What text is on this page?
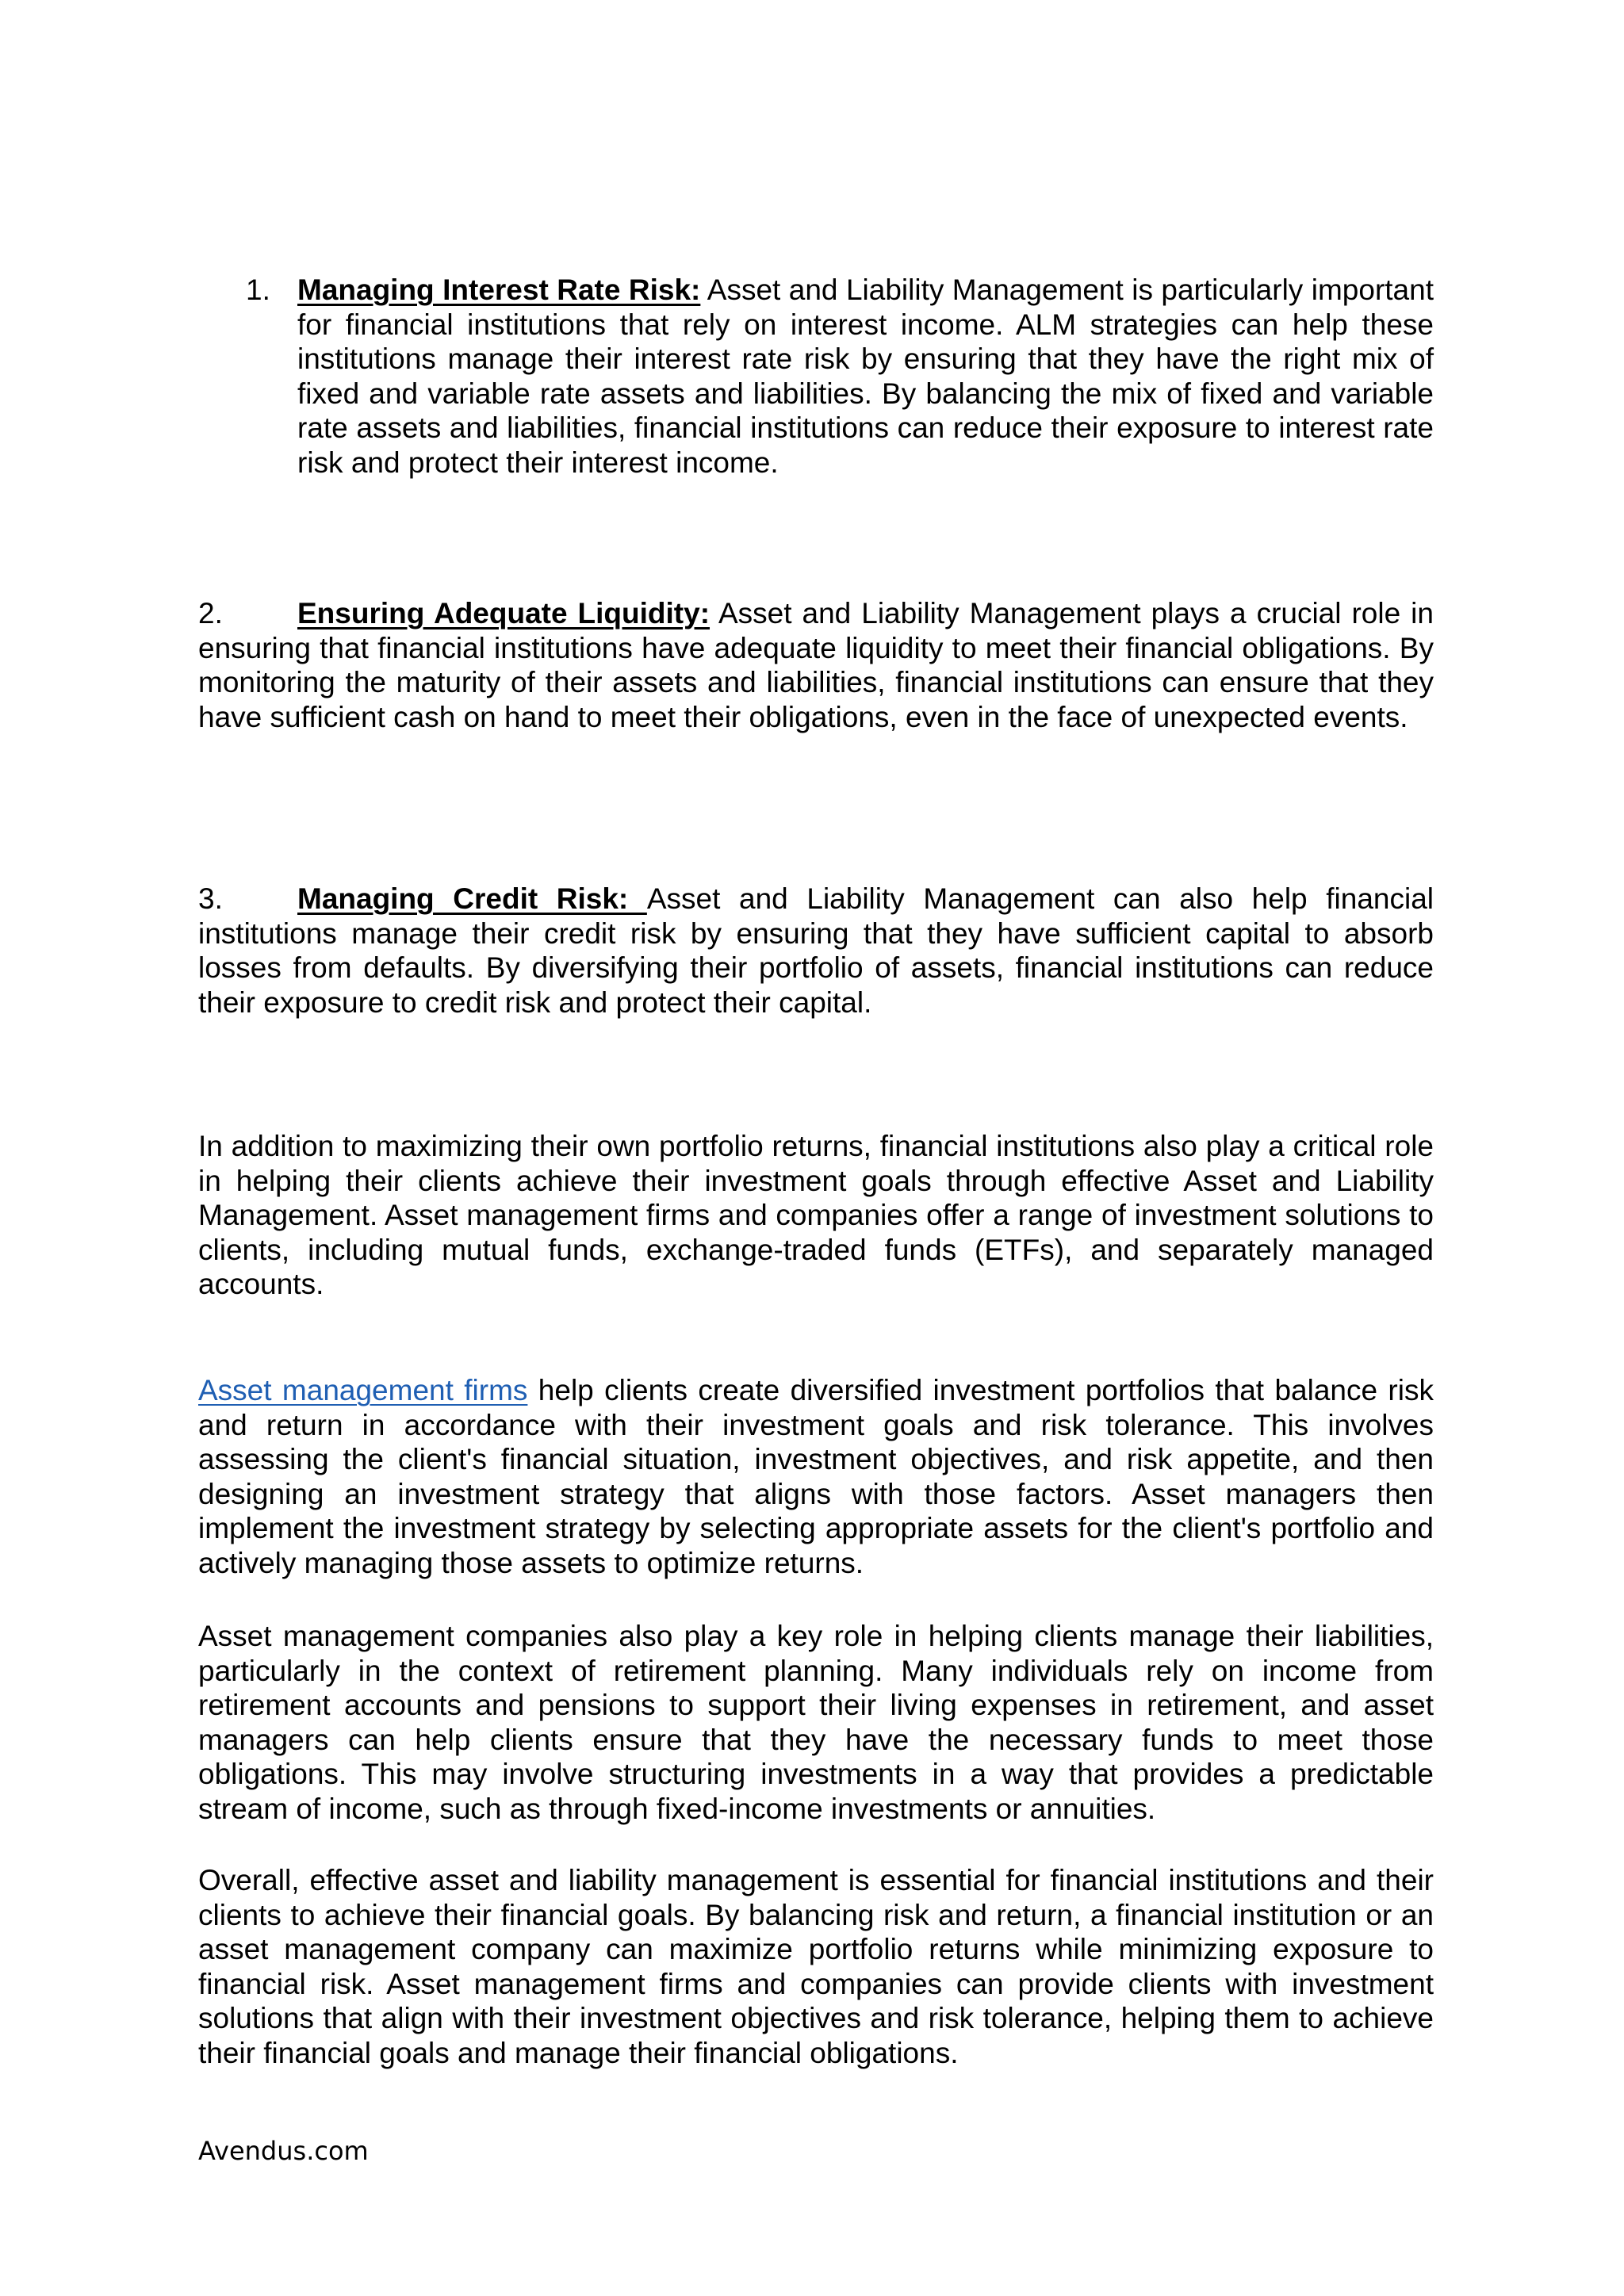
1. Managing Interest Rate Risk: Asset and Liability Management is particularly important for financial institutions that rely on interest income. ALM strategies can help these institutions manage their interest rate risk by ensuring that they have the right mix of fixed and variable rate assets and liabilities. By balancing the mix of fixed and variable rate assets and liabilities, financial institutions can reduce their exposure to interest rate risk and protect their interest income.

2.	Ensuring Adequate Liquidity: Asset and Liability Management plays a crucial role in ensuring that financial institutions have adequate liquidity to meet their financial obligations. By monitoring the maturity of their assets and liabilities, financial institutions can ensure that they have sufficient cash on hand to meet their obligations, even in the face of unexpected events.

3.	Managing Credit Risk: Asset and Liability Management can also help financial institutions manage their credit risk by ensuring that they have sufficient capital to absorb losses from defaults. By diversifying their portfolio of assets, financial institutions can reduce their exposure to credit risk and protect their capital.

In addition to maximizing their own portfolio returns, financial institutions also play a critical role in helping their clients achieve their investment goals through effective Asset and Liability Management. Asset management firms and companies offer a range of investment solutions to clients, including mutual funds, exchange-traded funds (ETFs), and separately managed accounts.

Asset management firms help clients create diversified investment portfolios that balance risk and return in accordance with their investment goals and risk tolerance. This involves assessing the client's financial situation, investment objectives, and risk appetite, and then designing an investment strategy that aligns with those factors. Asset managers then implement the investment strategy by selecting appropriate assets for the client's portfolio and actively managing those assets to optimize returns.

Asset management companies also play a key role in helping clients manage their liabilities, particularly in the context of retirement planning. Many individuals rely on income from retirement accounts and pensions to support their living expenses in retirement, and asset managers can help clients ensure that they have the necessary funds to meet those obligations. This may involve structuring investments in a way that provides a predictable stream of income, such as through fixed-income investments or annuities.

Overall, effective asset and liability management is essential for financial institutions and their clients to achieve their financial goals. By balancing risk and return, a financial institution or an asset management company can maximize portfolio returns while minimizing exposure to financial risk. Asset management firms and companies can provide clients with investment solutions that align with their investment objectives and risk tolerance, helping them to achieve their financial goals and manage their financial obligations.

Avendus.com
